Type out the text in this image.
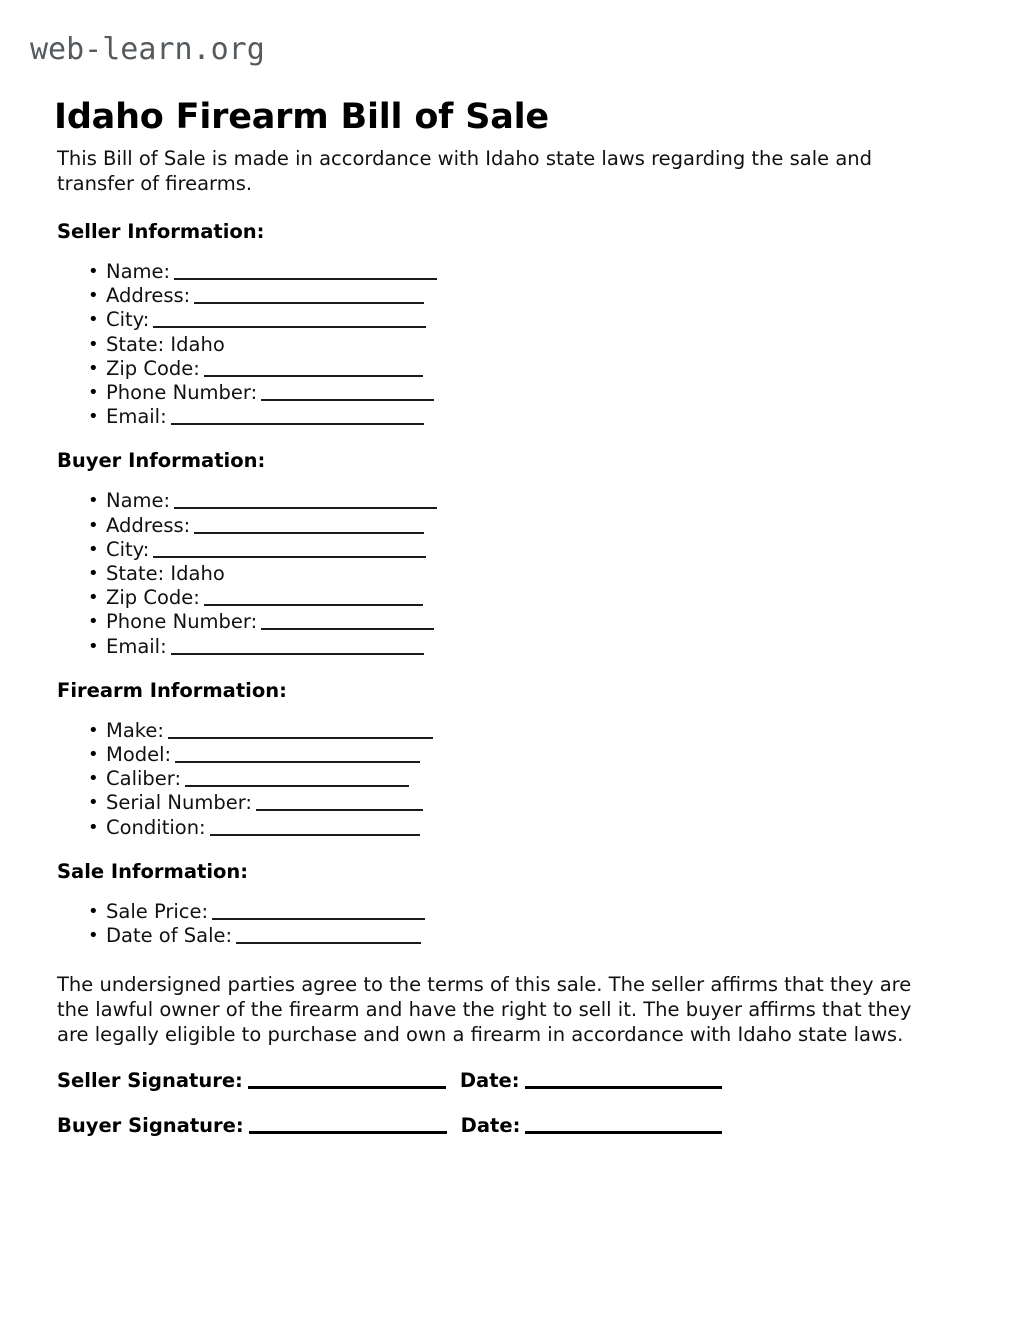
web-learn.org
Idaho Firearm Bill of Sale

This Bill of Sale is made in accordance with Idaho state laws regarding the sale and transfer of firearms.

Seller Information:
• Name:
• Address:
• City:
• State: Idaho
• Zip Code:
• Phone Number:
• Email:
Buyer Information:
• Name:
• Address:
• City:
• State: Idaho
• Zip Code:
• Phone Number:
• Email:
Firearm Information:
• Make:
• Model:
• Caliber:
• Serial Number:
• Condition:
Sale Information:
• Sale Price:
• Date of Sale:

The undersigned parties agree to the terms of this sale. The seller affirms that they are the lawful owner of the firearm and have the right to sell it. The buyer affirms that they are legally eligible to purchase and own a firearm in accordance with Idaho state laws.

Seller Signature:	Date:
Buyer Signature:	Date:
